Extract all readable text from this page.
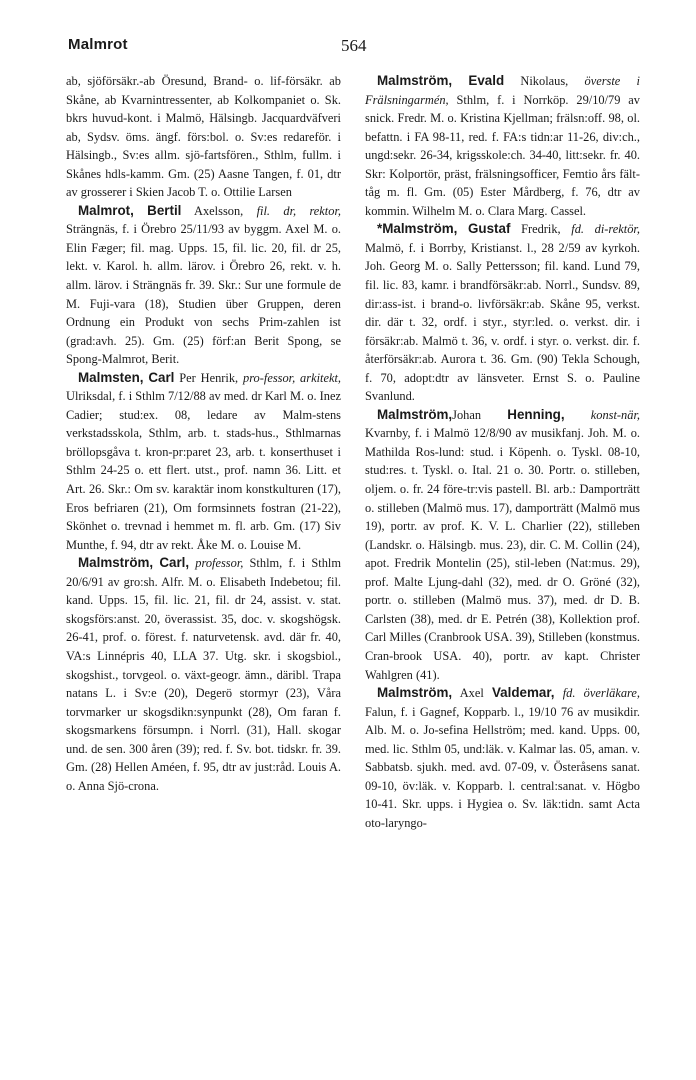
Malmrot	564
ab, sjöförsäkr.-ab Öresund, Brand- o. lif-försäkr. ab Skåne, ab Kvarnintressenter, ab Kolkompaniet o. Sk. bkrs huvud-kont. i Malmö, Hälsingb. Jacquardväfveri ab, Sydsv. öms. ängf. förs:bol. o. Sv:es redareför. i Hälsingb., Sv:es allm. sjö-fartsfören., Sthlm, fullm. i Skånes hdls-kamm. Gm. (25) Aasne Tangen, f. 01, dtr av grosserer i Skien Jacob T. o. Ottilie Larsen
Malmrot, Bertil Axelsson, fil. dr, rektor, Strängnäs, f. i Örebro 25/11/93 av byggm. Axel M. o. Elin Fæger; fil. mag. Upps. 15, fil. lic. 20, fil. dr 25, lekt. v. Karol. h. allm. lärov. i Örebro 26, rekt. v. h. allm. lärov. i Strängnäs fr. 39. Skr.: Sur une formule de M. Fuji-vara (18), Studien über Gruppen, deren Ordnung ein Produkt von sechs Prim-zahlen ist (grad:avh. 25). Gm. (25) förf:an Berit Spong, se Spong-Malmrot, Berit.
Malmsten, Carl Per Henrik, pro-fessor, arkitekt, Ulriksdal, f. i Sthlm 7/12/88 av med. dr Karl M. o. Inez Cadier; stud:ex. 08, ledare av Malm-stens verkstadsskola, Sthlm, arb. t. stads-hus., Sthlmarnas bröllopsgåva t. kron-pr:paret 23, arb. t. konserthuset i Sthlm 24-25 o. ett flert. utst., prof. namn 36. Litt. et Art. 26. Skr.: Om sv. karaktär inom konstkulturen (17), Eros befriaren (21), Om formsinnets fostran (21-22), Skönhet o. trevnad i hemmet m. fl. arb. Gm. (17) Siv Munthe, f. 94, dtr av rekt. Åke M. o. Louise M.
Malmström, Carl, professor, Sthlm, f. i Sthlm 20/6/91 av gro:sh. Alfr. M. o. Elisabeth Indebetou; fil. kand. Upps. 15, fil. lic. 21, fil. dr 24, assist. v. stat. skogsförs:anst. 20, överassist. 35, doc. v. skogshögsk. 26-41, prof. o. förest. f. naturvetensk. avd. där fr. 40, VA:s Linnépris 40, LLA 37. Utg. skr. i skogsbiol., skogshist., torvgeol. o. växt-geogr. ämn., däribl. Trapa natans L. i Sv:e (20), Degerö stormyr (23), Våra torvmarker ur skogsdikn:synpunkt (28), Om faran f. skogsmarkens försumpn. i Norrl. (31), Hall. skogar und. de sen. 300 åren (39); red. f. Sv. bot. tidskr. fr. 39. Gm. (28) Hellen Améen, f. 95, dtr av just:råd. Louis A. o. Anna Sjö-crona.
Malmström, Evald Nikolaus, överste i Frälsningarmén, Sthlm, f. i Norrköp. 29/10/79 av snick. Fredr. M. o. Kristina Kjellman; frälsn:off. 98, ol. befattn. i FA 98-11, red. f. FA:s tidn:ar 11-26, div:ch., ungd:sekr. 26-34, krigsskole:ch. 34-40, litt:sekr. fr. 40. Skr: Kolportör, präst, frälsningsofficer, Femtio års fält-tåg m. fl. Gm. (05) Ester Mårdberg, f. 76, dtr av kommin. Wilhelm M. o. Clara Marg. Cassel.
*Malmström, Gustaf Fredrik, fd. di-rektör, Malmö, f. i Borrby, Kristianst. l., 28 2/59 av kyrkoh. Joh. Georg M. o. Sally Pettersson; fil. kand. Lund 79, fil. lic. 83, kamr. i brandförsäkr:ab. Norrl., Sundsv. 89, dir:ass-ist. i brand-o. livförsäkr:ab. Skåne 95, verkst. dir. där t. 32, ordf. i styr., styr:led. o. verkst. dir. i försäkr:ab. Malmö t. 36, v. ordf. i styr. o. verkst. dir. f. återförsäkr:ab. Aurora t. 36. Gm. (90) Tekla Schough, f. 70, adopt:dtr av länsveter. Ernst S. o. Pauline Svanlund.
Malmström,Johan Henning, konst-när, Kvarnby, f. i Malmö 12/8/90 av musikfanj. Joh. M. o. Mathilda Ros-lund: stud. i Köpenh. o. Tyskl. 08-10, stud:res. t. Tyskl. o. Ital. 21 o. 30. Portr. o. stilleben, oljem. o. fr. 24 före-tr:vis pastell. Bl. arb.: Damporträtt o. stilleben (Malmö mus. 17), damporträtt (Malmö mus 19), portr. av prof. K. V. L. Charlier (22), stilleben (Landskr. o. Hälsingb. mus. 23), dir. C. M. Collin (24), apot. Fredrik Montelin (25), stil-leben (Nat:mus. 29), prof. Malte Ljung-dahl (32), med. dr O. Gröné (32), portr. o. stilleben (Malmö mus. 37), med. dr D. B. Carlsten (38), med. dr E. Petrén (38), Kollektion prof. Carl Milles (Cranbrook USA. 39), Stilleben (konstmus. Cran-brook USA. 40), portr. av kapt. Christer Wahlgren (41).
Malmström, Axel Valdemar, fd. överläkare, Falun, f. i Gagnef, Kopparb. l., 19/10 76 av musikdir. Alb. M. o. Jo-sefina Hellström; med. kand. Upps. 00, med. lic. Sthlm 05, und:läk. v. Kalmar las. 05, aman. v. Sabbatsb. sjukh. med. avd. 07-09, v. Österåsens sanat. 09-10, öv:läk. v. Kopparb. l. central:sanat. v. Högbo 10-41. Skr. upps. i Hygiea o. Sv. läk:tidn. samt Acta oto-laryngo-
